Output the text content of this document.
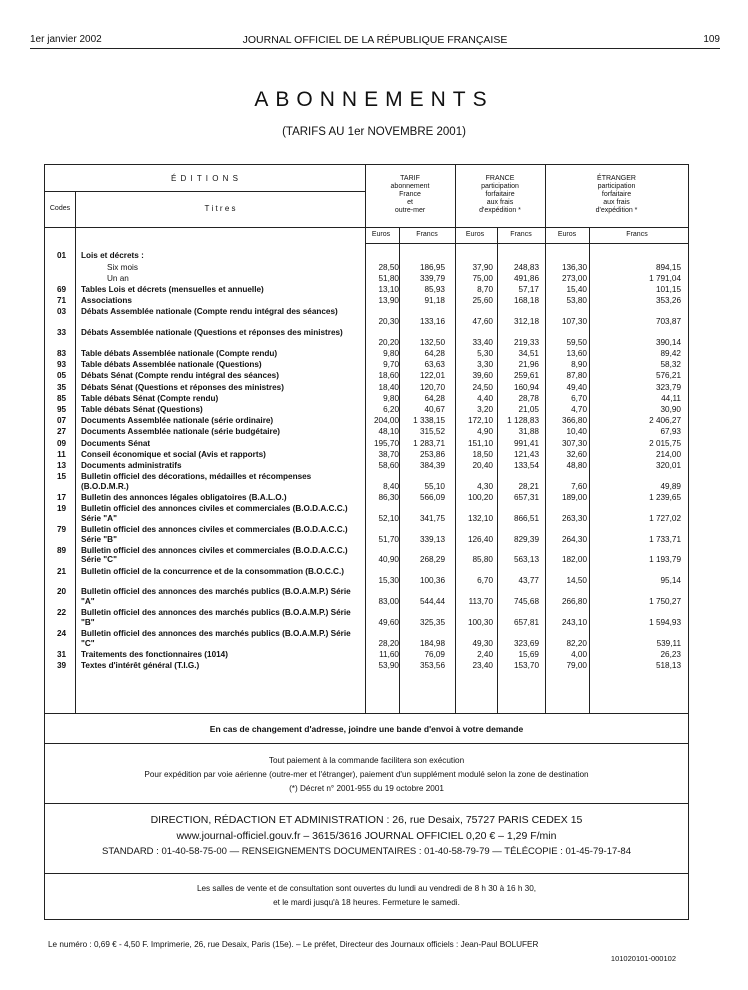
1er janvier 2002	JOURNAL OFFICIEL DE LA RÉPUBLIQUE FRANÇAISE	109
ABONNEMENTS
(TARIFS AU 1er NOVEMBRE 2001)
É D I T I O N S
Codes	T i t r e s
TARIF
abonnement
France
et
outre-mer
FRANCE
participation
forfaitaire
aux frais
d'expédition *
ÉTRANGER
participation
forfaitaire
aux frais
d'expédition *
Euros	Francs	Euros	Francs	Euros	Francs
01	Lois et décrets :
Six mois	28,50	186,95	37,90	248,83	136,30	894,15
Un an	51,80	339,79	75,00	491,86	273,00	1 791,04
69	Tables Lois et décrets (mensuelles et annuelle)	13,10	85,93	8,70	57,17	15,40	101,15
71	Associations	13,90	91,18	25,60	168,18	53,80	353,26
03	Débats Assemblée nationale (Compte rendu intégral des séances)
20,30	133,16	47,60	312,18	107,30	703,87
33	Débats Assemblée nationale (Questions et réponses des ministres)
20,20	132,50	33,40	219,33	59,50	390,14
83	Table débats Assemblée nationale (Compte rendu)	9,80	64,28	5,30	34,51	13,60	89,42
93	Table débats Assemblée nationale (Questions)	9,70	63,63	3,30	21,96	8,90	58,32
05	Débats Sénat (Compte rendu intégral des séances)	18,60	122,01	39,60	259,61	87,80	576,21
35	Débats Sénat (Questions et réponses des ministres)	18,40	120,70	24,50	160,94	49,40	323,79
85	Table débats Sénat (Compte rendu)	9,80	64,28	4,40	28,78	6,70	44,11
95	Table débats Sénat (Questions)	6,20	40,67	3,20	21,05	4,70	30,90
07	Documents Assemblée nationale (série ordinaire)	204,00	1 338,15	172,10	1 128,83	366,80	2 406,27
27	Documents Assemblée nationale (série budgétaire)	48,10	315,52	4,90	31,88	10,40	67,93
09	Documents Sénat	195,70	1 283,71	151,10	991,41	307,30	2 015,75
11	Conseil économique et social (Avis et rapports)	38,70	253,86	18,50	121,43	32,60	214,00
13	Documents administratifs	58,60	384,39	20,40	133,54	48,80	320,01
15	Bulletin officiel des décorations, médailles et récompenses (B.O.D.M.R.)	8,40	55,10	4,30	28,21	7,60	49,89
17	Bulletin des annonces légales obligatoires (B.A.L.O.)	86,30	566,09	100,20	657,31	189,00	1 239,65
19	Bulletin officiel des annonces civiles et commerciales (B.O.D.A.C.C.) Série "A"	52,10	341,75	132,10	866,51	263,30	1 727,02
79	Bulletin officiel des annonces civiles et commerciales (B.O.D.A.C.C.) Série "B"	51,70	339,13	126,40	829,39	264,30	1 733,71
89	Bulletin officiel des annonces civiles et commerciales (B.O.D.A.C.C.) Série "C"	40,90	268,29	85,80	563,13	182,00	1 193,79
21	Bulletin officiel de la concurrence et de la consommation (B.O.C.C.)
15,30	100,36	6,70	43,77	14,50	95,14
20	Bulletin officiel des annonces des marchés publics (B.O.A.M.P.) Série "A"	83,00	544,44	113,70	745,68	266,80	1 750,27
22	Bulletin officiel des annonces des marchés publics (B.O.A.M.P.) Série "B"	49,60	325,35	100,30	657,81	243,10	1 594,93
24	Bulletin officiel des annonces des marchés publics (B.O.A.M.P.) Série "C"	28,20	184,98	49,30	323,69	82,20	539,11
31	Traitements des fonctionnaires (1014)	11,60	76,09	2,40	15,69	4,00	26,23
39	Textes d'intérêt général (T.I.G.)	53,90	353,56	23,40	153,70	79,00	518,13
En cas de changement d'adresse, joindre une bande d'envoi à votre demande
Tout paiement à la commande facilitera son exécution
Pour expédition par voie aérienne (outre-mer et l'étranger), paiement d'un supplément modulé selon la zone de destination
(*) Décret n° 2001-955 du 19 octobre 2001
DIRECTION, RÉDACTION ET ADMINISTRATION : 26, rue Desaix, 75727 PARIS CEDEX 15
www.journal-officiel.gouv.fr – 3615/3616 JOURNAL OFFICIEL 0,20 € – 1,29 F/min
STANDARD : 01-40-58-75-00 — RENSEIGNEMENTS DOCUMENTAIRES : 01-40-58-79-79 — TÉLÉCOPIE : 01-45-79-17-84
Les salles de vente et de consultation sont ouvertes du lundi au vendredi de 8 h 30 à 16 h 30,
et le mardi jusqu'à 18 heures. Fermeture le samedi.
Le numéro : 0,69 € - 4,50 F. Imprimerie, 26, rue Desaix, Paris (15e). – Le préfet, Directeur des Journaux officiels : Jean-Paul BOLUFER
101020101-000102
